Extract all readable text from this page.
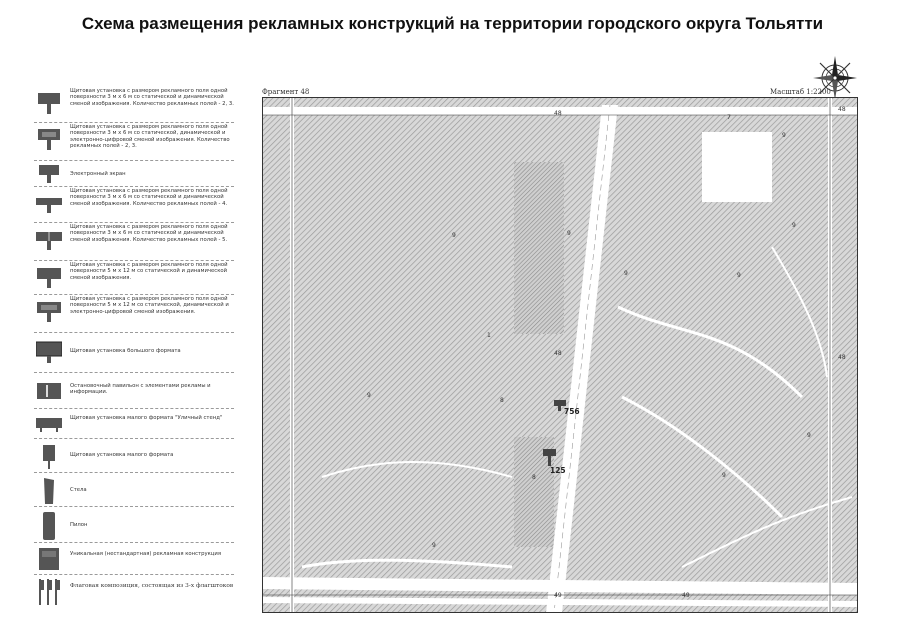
Схема размещения рекламных конструкций на территории городского округа Тольятти
Щитовая установка с размером рекламного поля одной поверхности 3 м х 6 м со статической и динамической сменой изображения. Количество рекламных полей - 2, 3.
Щитовая установка с размером рекламного поля одной поверхности 3 м х 6 м со статической, динамической и электронно-цифровой сменой изображения. Количество рекламных полей - 2, 3.
Электронный экран
Щитовая установка с размером рекламного поля одной поверхности 3 м х 6 м со статической и динамической сменой изображения. Количество рекламных полей - 4.
Щитовая установка с размером рекламного поля одной поверхности 3 м х 6 м со статической и динамической сменой изображения. Количество рекламных полей - 5.
Щитовая установка с размером рекламного поля одной поверхности 5 м х 12 м со статической и динамической сменой изображения.
Щитовая установка с размером рекламного поля одной поверхности 5 м х 12 м со статической, динамической и электронно-цифровой сменой изображения.
Щитовая установка большого формата
Остановочный павильон с элементами рекламы и информации.
Щитовая установка малого формата "Уличный стенд"
Щитовая установка малого формата
Стела
Пилон
Уникальная (нестандартная) рекламная конструкция
Флаговая композиция, состоящая из 3-х флагштоков
Фрагмент 48	Масштаб 1:2200
48
48
48
48
49	49
7
8
8
9
9	9
9
9
9
9
9
9
9
1
756
125
